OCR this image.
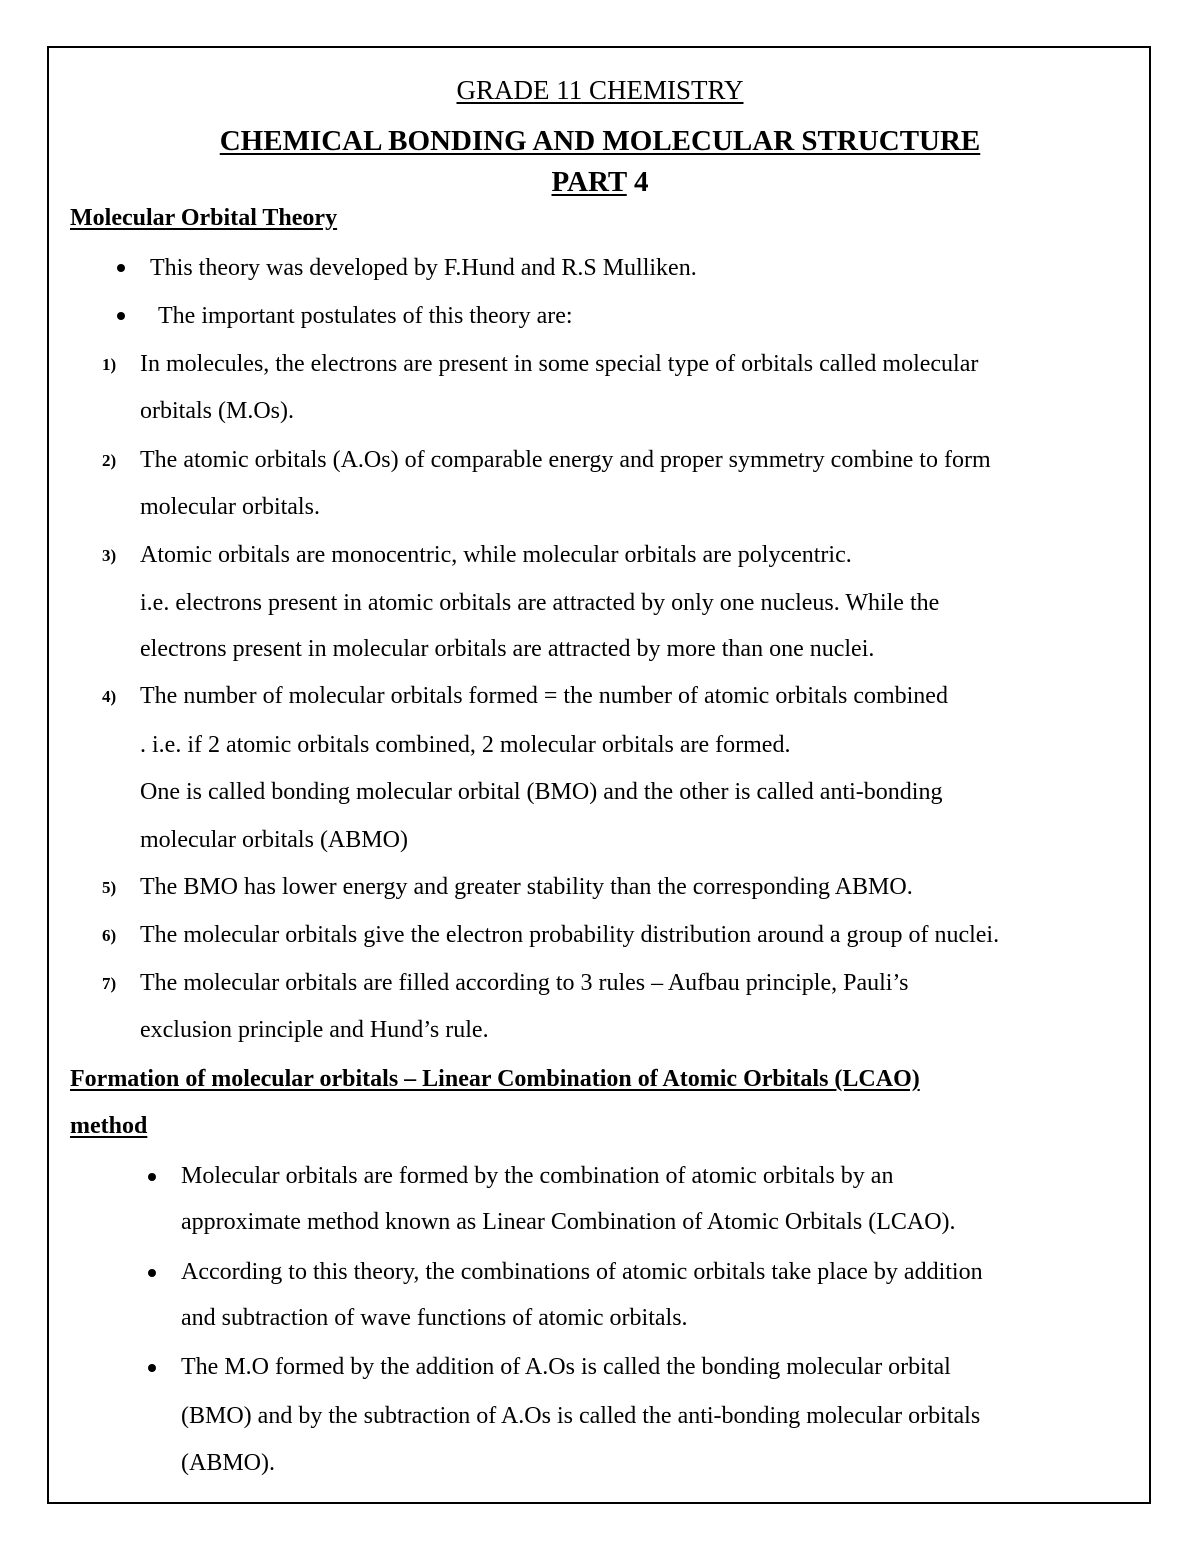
GRADE 11 CHEMISTRY
CHEMICAL BONDING AND MOLECULAR STRUCTURE
PART 4
Molecular Orbital Theory
This theory was developed by F.Hund and R.S Mulliken.
The important postulates of this theory are:
1) In molecules, the electrons are present in some special type of orbitals called molecular
orbitals (M.Os).
2) The atomic orbitals (A.Os) of comparable energy and proper symmetry combine to form
molecular orbitals.
3) Atomic orbitals are monocentric, while molecular orbitals are polycentric.
i.e. electrons present in atomic orbitals are attracted by only one nucleus. While the
electrons present in molecular orbitals are attracted by more than one nuclei.
4) The number of molecular orbitals formed = the number of atomic orbitals combined
. i.e. if 2 atomic orbitals combined, 2 molecular orbitals are formed.
One is called bonding molecular orbital (BMO) and the other is called anti-bonding
molecular orbitals (ABMO)
5) The BMO has lower energy and greater stability than the corresponding ABMO.
6) The molecular orbitals give the electron probability distribution around a group of nuclei.
7) The molecular orbitals are filled according to 3 rules – Aufbau principle, Pauli’s
exclusion principle and Hund’s rule.
Formation of molecular orbitals – Linear Combination of Atomic Orbitals (LCAO)
method
Molecular orbitals are formed by the combination of atomic orbitals by an
approximate method known as Linear Combination of Atomic Orbitals (LCAO).
According to this theory, the combinations of atomic orbitals take place by addition
and subtraction of wave functions of atomic orbitals.
The M.O formed by the addition of A.Os is called the bonding molecular orbital
(BMO) and by the subtraction of A.Os is called the anti-bonding molecular orbitals
(ABMO).
